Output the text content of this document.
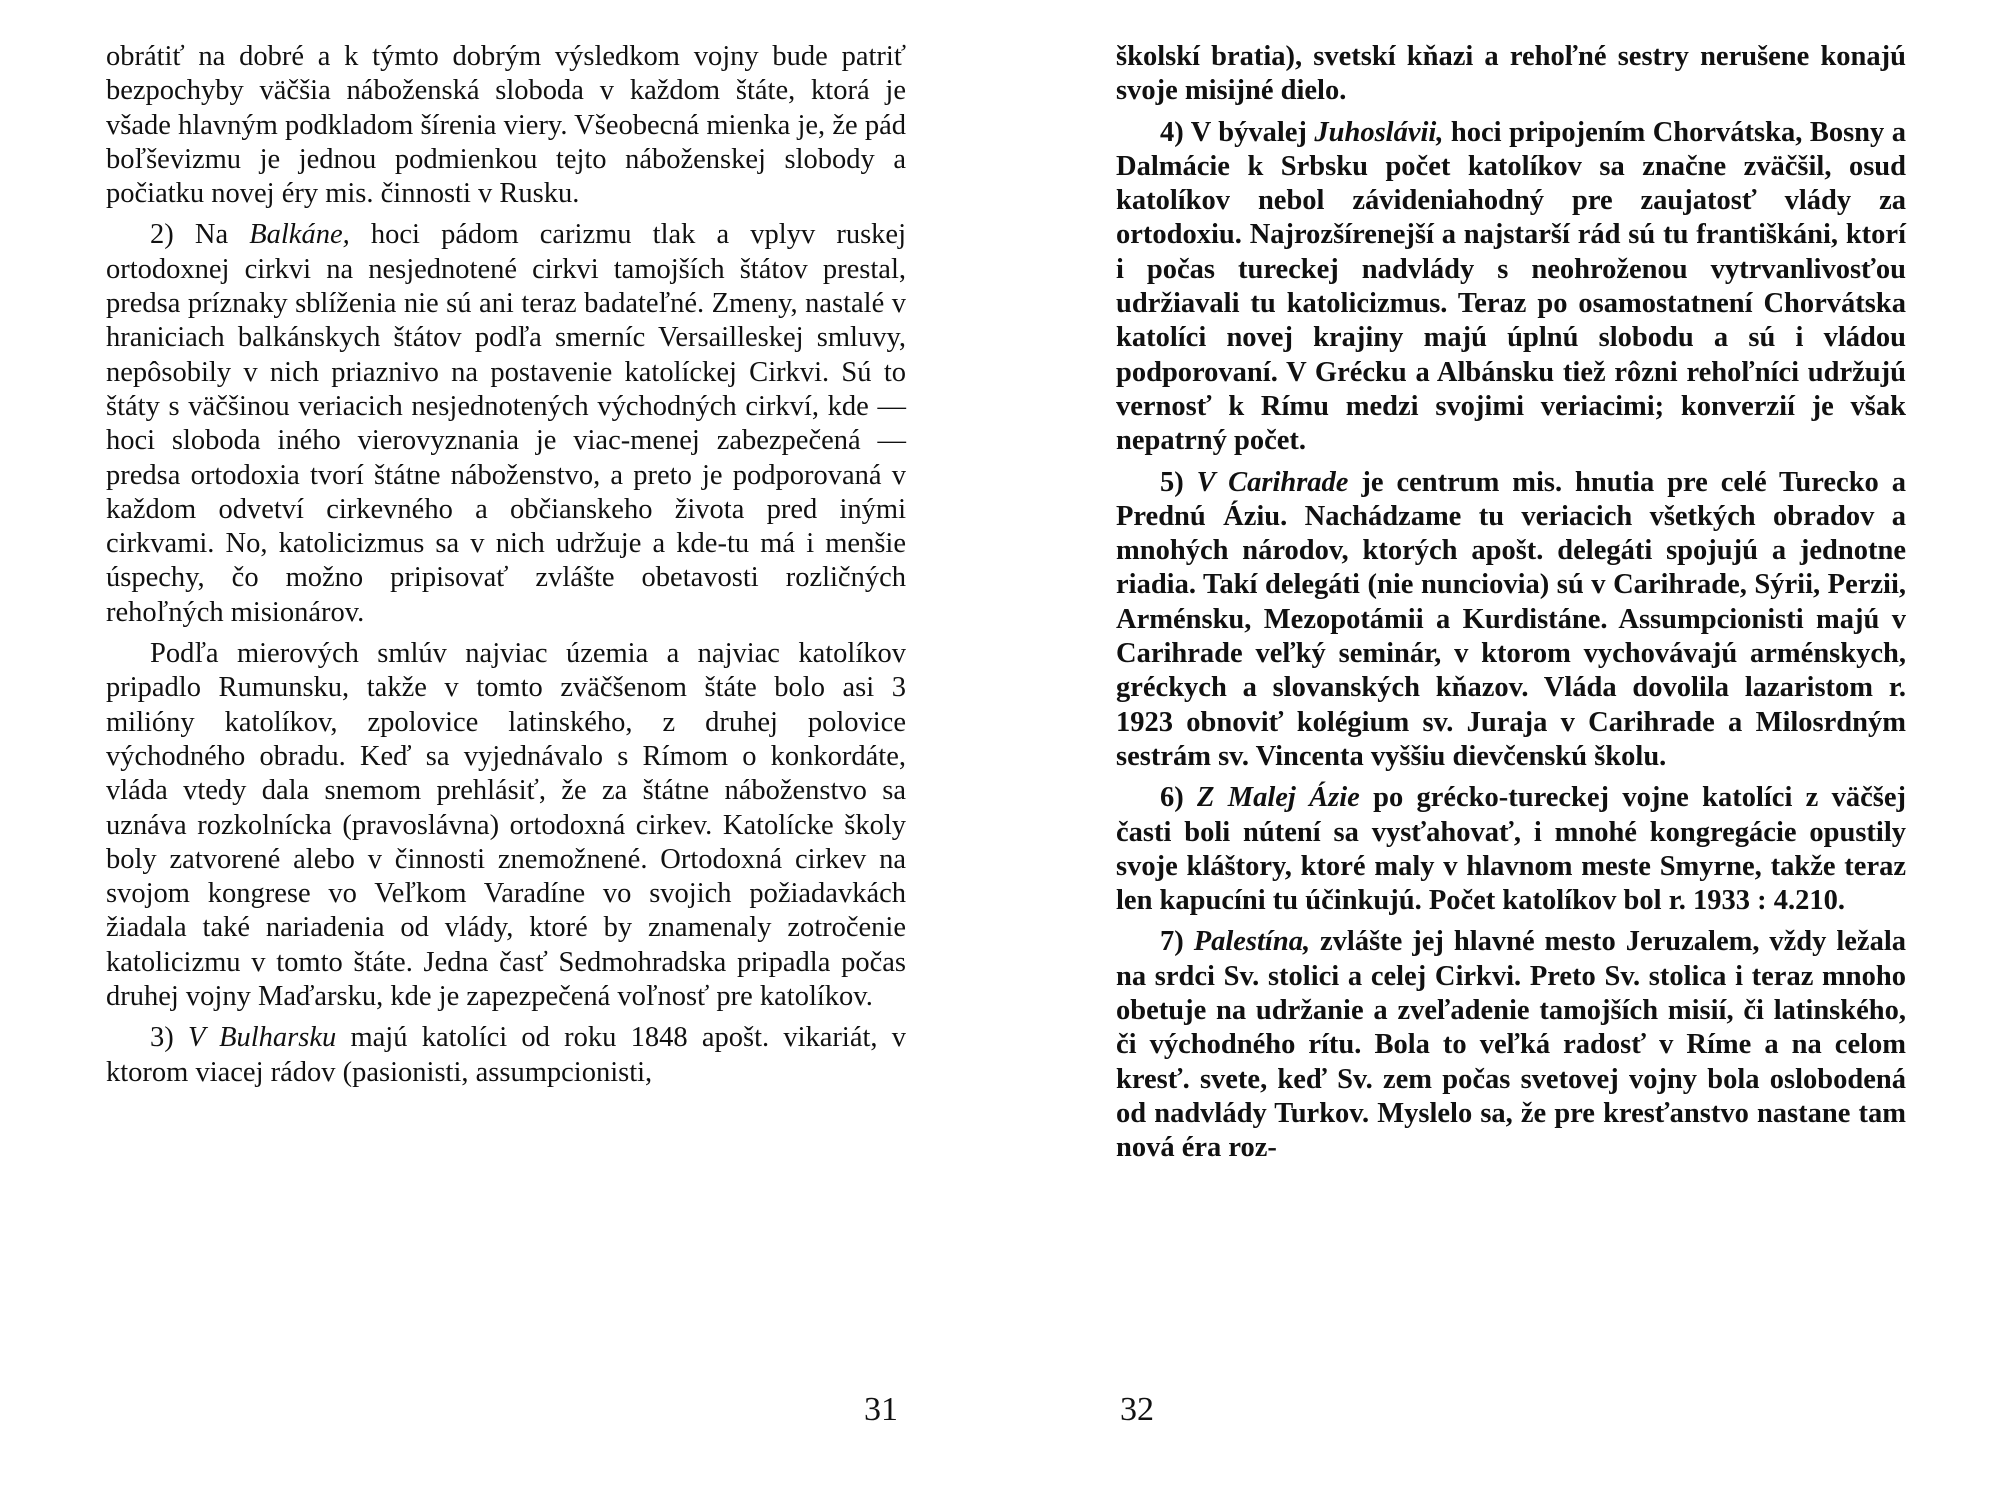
obrátiť na dobré a k týmto dobrým výsledkom vojny bude patriť bezpochyby väčšia náboženská sloboda v každom štáte, ktorá je všade hlavným podkladom šírenia viery. Všeobecná mienka je, že pád boľševizmu je jednou podmienkou tejto náboženskej slobody a počiatku novej éry mis. činnosti v Rusku.

2) Na Balkáne, hoci pádom carizmu tlak a vplyv ruskej ortodoxnej cirkvi na nesjednotené cirkvi tamojších štátov prestal, predsa príznaky sblíženia nie sú ani teraz badateľné. Zmeny, nastalé v hraniciach balkánskych štátov podľa smerníc Versailleskej smluvy, nepôsobily v nich priaznivo na postavenie katolíckej Cirkvi. Sú to štáty s väčšinou veriacich nesjednotených východných cirkví, kde — hoci sloboda iného vierovyznania je viac-menej zabezpečená — predsa ortodoxia tvorí štátne náboženstvo, a preto je podporovaná v každom odvetví cirkevného a občianskeho života pred inými cirkvami. No, katolicizmus sa v nich udržuje a kde-tu má i menšie úspechy, čo možno pripisovať zvlášte obetavosti rozličných rehoľných misionárov.

Podľa mierových smlúv najviac územia a najviac katolíkov pripadlo Rumunsku, takže v tomto zväčšenom štáte bolo asi 3 milióny katolíkov, zpolovice latinského, z druhej polovice východného obradu. Keď sa vyjednávalo s Rímom o konkordáte, vláda vtedy dala snemom prehlásiť, že za štátne náboženstvo sa uznáva rozkolnícka (pravoslávna) ortodoxná cirkev. Katolícke školy boly zatvorené alebo v činnosti znemožnené. Ortodoxná cirkev na svojom kongrese vo Veľkom Varadíne vo svojich požiadavkách žiadala také nariadenia od vlády, ktoré by znamenaly zotročenie katolicizmu v tomto štáte. Jedna časť Sedmohradska pripadla počas druhej vojny Maďarsku, kde je zapezpečená voľnosť pre katolíkov.

3) V Bulharsku majú katolíci od roku 1848 apošt. vikariát, v ktorom viacej rádov (pasionisti, assumpcionisti,

31

školskí bratia), svetskí kňazi a rehoľné sestry nerušene konajú svoje misijné dielo.

4) V bývalej Juhoslávii, hoci pripojením Chorvátska, Bosny a Dalmácie k Srbsku počet katolíkov sa značne zväčšil, osud katolíkov nebol závideniahodný pre zaujatosť vlády za ortodoxiu. Najrozšírenejší a najstarší rád sú tu františkáni, ktorí i počas tureckej nadvlády s neohroženou vytrvanlivosťou udržiavali tu katolicizmus. Teraz po osamostatnení Chorvátska katolíci novej krajiny majú úplnú slobodu a sú i vládou podporovaní. V Grécku a Albánsku tiež rôzni rehoľníci udržujú vernosť k Rímu medzi svojimi veriacimi; konverzií je však nepatrný počet.

5) V Carihrade je centrum mis. hnutia pre celé Turecko a Prednú Áziu. Nachádzame tu veriacich všetkých obradov a mnohých národov, ktorých apošt. delegáti spojujú a jednotne riadia. Takí delegáti (nie nunciovia) sú v Carihrade, Sýrii, Perzii, Arménsku, Mezopotámii a Kurdistáne. Assumpcionisti majú v Carihrade veľký seminár, v ktorom vychovávajú arménskych, gréckych a slovanských kňazov. Vláda dovolila lazaristom r. 1923 obnoviť kolégium sv. Juraja v Carihrade a Milosrdným sestrám sv. Vincenta vyššiu dievčenskú školu.

6) Z Malej Ázie po grécko-tureckej vojne katolíci z väčšej časti boli nútení sa vysťahovať, i mnohé kongregácie opustily svoje kláštory, ktoré maly v hlavnom meste Smyrne, takže teraz len kapucíni tu účinkujú. Počet katolíkov bol r. 1933 : 4.210.

7) Palestína, zvlášte jej hlavné mesto Jeruzalem, vždy ležala na srdci Sv. stolici a celej Cirkvi. Preto Sv. stolica i teraz mnoho obetuje na udržanie a zveľadenie tamojších misií, či latinského, či východného rítu. Bola to veľká radosť v Ríme a na celom kresť. svete, keď Sv. zem počas svetovej vojny bola oslobodená od nadvlády Turkov. Myslelo sa, že pre kresťanstvo nastane tam nová éra roz-

32
